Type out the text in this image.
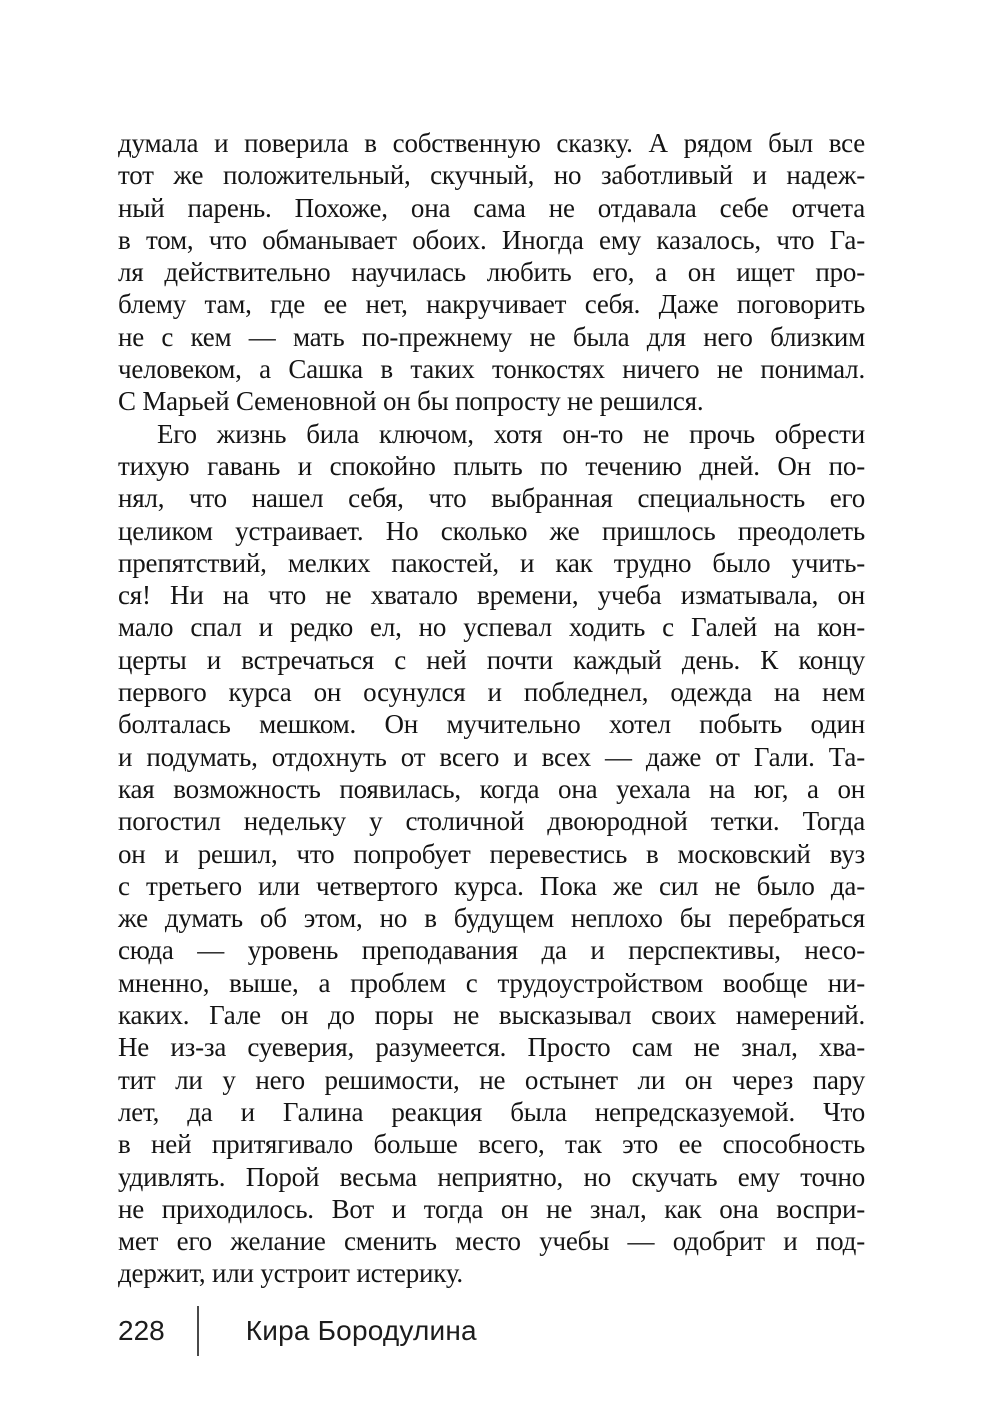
думала и поверила в собственную сказку. А рядом был все
тот же положительный, скучный, но заботливый и надеж-
ный парень. Похоже, она сама не отдавала себе отчета
в том, что обманывает обоих. Иногда ему казалось, что Га-
ля действительно научилась любить его, а он ищет про-
блему там, где ее нет, накручивает себя. Даже поговорить
не с кем — мать по-прежнему не была для него близким
человеком, а Сашка в таких тонкостях ничего не понимал.
С Марьей Семеновной он бы попросту не решился.
Его жизнь била ключом, хотя он-то не прочь обрести
тихую гавань и спокойно плыть по течению дней. Он по-
нял, что нашел себя, что выбранная специальность его
целиком устраивает. Но сколько же пришлось преодолеть
препятствий, мелких пакостей, и как трудно было учить-
ся! Ни на что не хватало времени, учеба изматывала, он
мало спал и редко ел, но успевал ходить с Галей на кон-
церты и встречаться с ней почти каждый день. К концу
первого курса он осунулся и побледнел, одежда на нем
болталась мешком. Он мучительно хотел побыть один
и подумать, отдохнуть от всего и всех — даже от Гали. Та-
кая возможность появилась, когда она уехала на юг, а он
погостил недельку у столичной двоюродной тетки. Тогда
он и решил, что попробует перевестись в московский вуз
с третьего или четвертого курса. Пока же сил не было да-
же думать об этом, но в будущем неплохо бы перебраться
сюда — уровень преподавания да и перспективы, несо-
мненно, выше, а проблем с трудоустройством вообще ни-
каких. Гале он до поры не высказывал своих намерений.
Не из-за суеверия, разумеется. Просто сам не знал, хва-
тит ли у него решимости, не остынет ли он через пару
лет, да и Галина реакция была непредсказуемой. Что
в ней притягивало больше всего, так это ее способность
удивлять. Порой весьма неприятно, но скучать ему точно
не приходилось. Вот и тогда он не знал, как она воспри-
мет его желание сменить место учебы — одобрит и под-
держит, или устроит истерику.
228	Кира Бородулина
